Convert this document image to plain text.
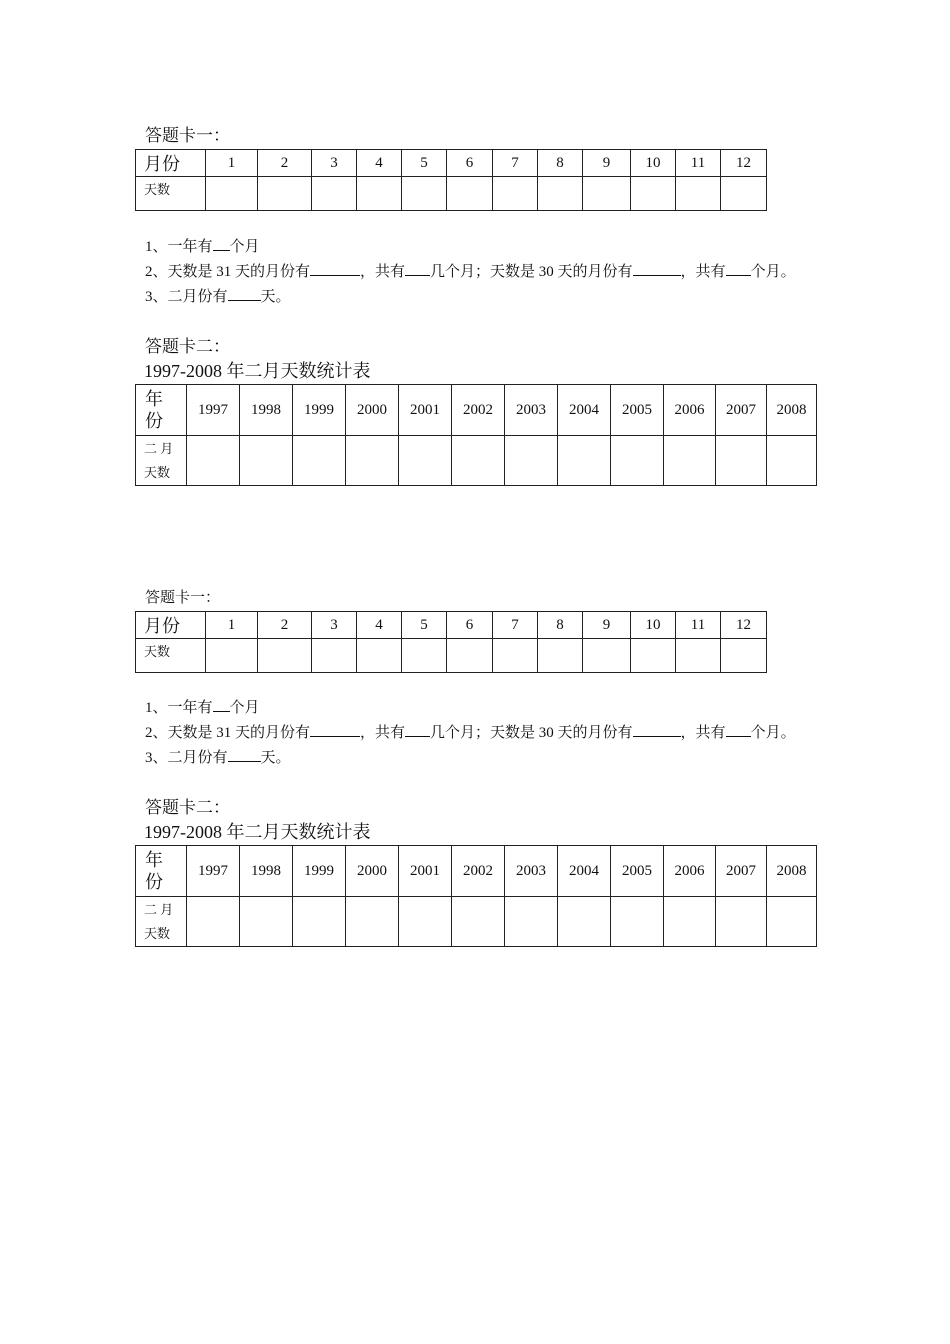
答题卡一：
月份	1	2	3	4	5	6	7	8	9	10	11	12
天数												
1、一年有 个月
2、天数是 31 天的月份有	，共有 几个月；天数是 30 天的月份有	，共有 个月。
3、二月份有 天。
答题卡二：
1997-2008 年二月天数统计表
年
份	1997	1998	1999	2000	2001	2002	2003	2004	2005	2006	2007	2008
二 月
天数												
答题卡一：
月份	1	2	3	4	5	6	7	8	9	10	11	12
天数												
1、一年有 个月
2、天数是 31 天的月份有	，共有 几个月；天数是 30 天的月份有	，共有 个月。
3、二月份有 天。
答题卡二：
1997-2008 年二月天数统计表
年
份	1997	1998	1999	2000	2001	2002	2003	2004	2005	2006	2007	2008
二 月
天数												
